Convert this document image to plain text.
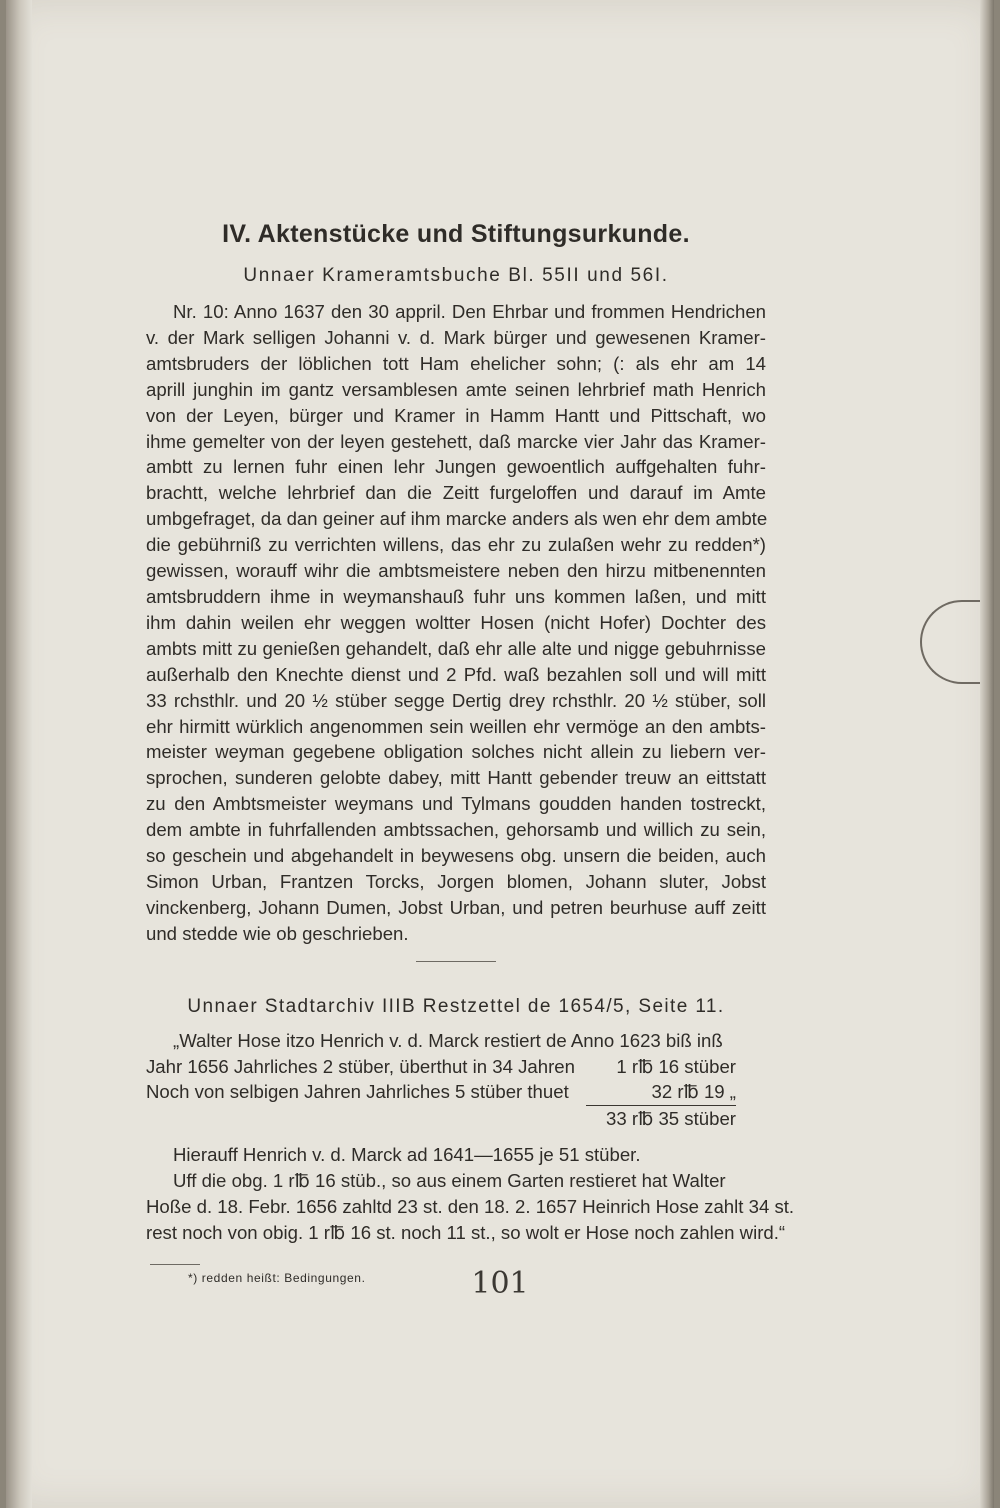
IV. Aktenstücke und Stiftungsurkunde.
Unnaer Krameramtsbuche Bl. 55II und 56I.
Nr. 10: Anno 1637 den 30 appril. Den Ehrbar und frommen Hendrichen
v. der Mark selligen Johanni v. d. Mark bürger und gewesenen Kramer-
amtsbruders der löblichen tott Ham ehelicher sohn; (: als ehr am 14
aprill junghin im gantz versamblesen amte seinen lehrbrief math Henrich
von der Leyen, bürger und Kramer in Hamm Hantt und Pittschaft, wo
ihme gemelter von der leyen gestehett, daß marcke vier Jahr das Kramer-
ambtt zu lernen fuhr einen lehr Jungen gewoentlich auffgehalten fuhr-
brachtt, welche lehrbrief dan die Zeitt furgeloffen und darauf im Amte
umbgefraget, da dan geiner auf ihm marcke anders als wen ehr dem ambte
die gebührniß zu verrichten willens, das ehr zu zulaßen wehr zu redden*)
gewissen, worauff wihr die ambtsmeistere neben den hirzu mitbenennten
amtsbruddern ihme in weymanshauß fuhr uns kommen laßen, und mitt
ihm dahin weilen ehr weggen woltter Hosen (nicht Hofer) Dochter des
ambts mitt zu genießen gehandelt, daß ehr alle alte und nigge gebuhrnisse
außerhalb den Knechte dienst und 2 Pfd. waß bezahlen soll und will mitt
33 rchsthlr. und 20 ½ stüber segge Dertig drey rchsthlr. 20 ½ stüber, soll
ehr hirmitt würklich angenommen sein weillen ehr vermöge an den ambts-
meister weyman gegebene obligation solches nicht allein zu liebern ver-
sprochen, sunderen gelobte dabey, mitt Hantt gebender treuw an eittstatt
zu den Ambtsmeister weymans und Tylmans goudden handen tostreckt,
dem ambte in fuhrfallenden ambtssachen, gehorsamb und willich zu sein,
so geschein und abgehandelt in beywesens obg. unsern die beiden, auch
Simon Urban, Frantzen Torcks, Jorgen blomen, Johann sluter, Jobst
vinckenberg, Johann Dumen, Jobst Urban, und petren beurhuse auff zeitt
und stedde wie ob geschrieben.
Unnaer Stadtarchiv IIIB Restzettel de 1654/5, Seite 11.
„Walter Hose itzo Henrich v. d. Marck restiert de Anno 1623 biß inß
Jahr 1656 Jahrliches 2 stüber, überthut in 34 Jahren	1 r℔ 16 stüber
Noch von selbigen Jahren Jahrliches 5 stüber thuet	32 r℔ 19 „
33 r℔ 35 stüber
Hierauff Henrich v. d. Marck ad 1641—1655 je 51 stüber.
Uff die obg. 1 r℔ 16 stüb., so aus einem Garten restieret hat Walter
Hoße d. 18. Febr. 1656 zahltd 23 st. den 18. 2. 1657 Heinrich Hose zahlt 34 st.
rest noch von obig. 1 r℔ 16 st. noch 11 st., so wolt er Hose noch zahlen wird.“
*) redden heißt: Bedingungen.	101
